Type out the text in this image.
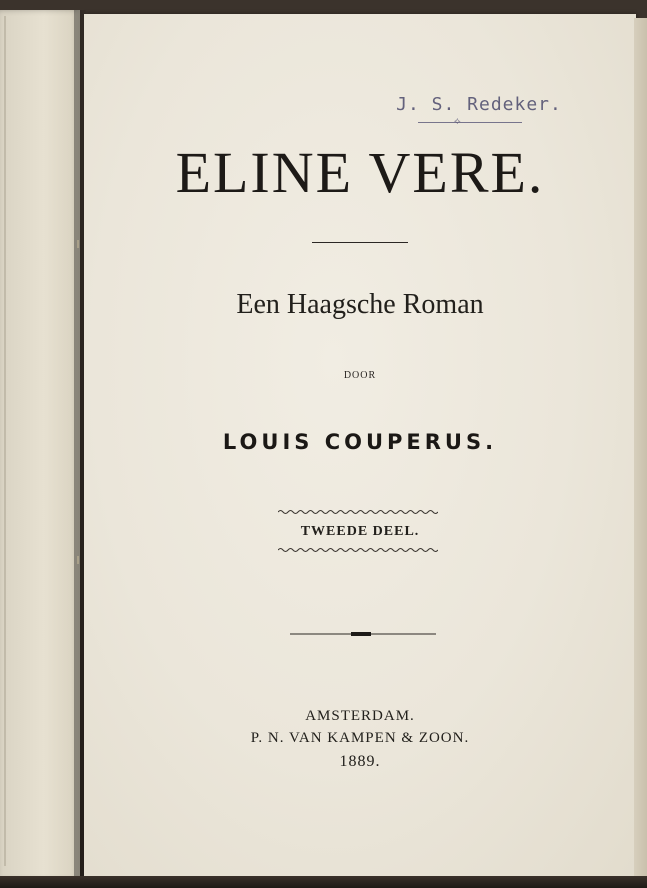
J. S. Redeker.
⟡
ELINE VERE.
Een Haagsche Roman
DOOR
LOUIS COUPERUS.
TWEEDE DEEL.
AMSTERDAM.
P. N. VAN KAMPEN & ZOON.
1889.
